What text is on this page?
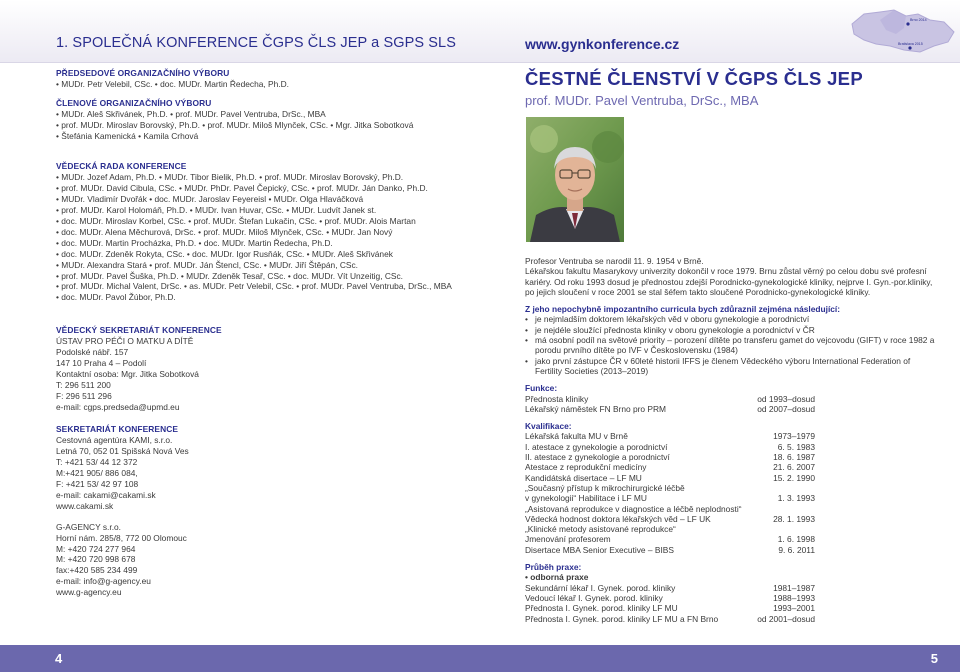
1. SPOLEČNÁ KONFERENCE ČGPS ČLS JEP a SGPS SLS	www.gynkonference.cz
Brno 2014
Bratislava 2015
PŘEDSEDOVÉ ORGANIZAČNÍHO VÝBORU
• MUDr. Petr Velebil, CSc. • doc. MUDr. Martin Ředecha, Ph.D.
ČLENOVÉ ORGANIZAČNÍHO VÝBORU
• MUDr. Aleš Skřivánek, Ph.D. • prof. MUDr. Pavel Ventruba, DrSc., MBA
• prof. MUDr. Miroslav Borovský, Ph.D. • prof. MUDr. Miloš Mlynček, CSc. • Mgr. Jitka Sobotková
• Štefánia Kamenická • Kamila Crhová
VĚDECKÁ RADA KONFERENCE
• MUDr. Jozef Adam, Ph.D. • MUDr. Tibor Bielik, Ph.D. • prof. MUDr. Miroslav Borovský, Ph.D.
• prof. MUDr. David Cibula, CSc. • MUDr. PhDr. Pavel Čepický, CSc. • prof. MUDr. Ján Danko, Ph.D.
• MUDr. Vladimír Dvořák • doc. MUDr. Jaroslav Feyereisl • MUDr. Olga Hlaváčková
• prof. MUDr. Karol Holomáň, Ph.D. • MUDr. Ivan Huvar, CSc. • MUDr. Ludvít Janek st.
• doc. MUDr. Miroslav Korbel, CSc. • prof. MUDr. Štefan Lukačin, CSc. • prof. MUDr. Alois Martan
• doc. MUDr. Alena Měchurová, DrSc. • prof. MUDr. Miloš Mlynček, CSc. • MUDr. Jan Nový
• doc. MUDr. Martin Procházka, Ph.D. • doc. MUDr. Martin Ředecha, Ph.D.
• doc. MUDr. Zdeněk Rokyta, CSc. • doc. MUDr. Igor Rusňák, CSc. • MUDr. Aleš Skřivánek
• MUDr. Alexandra Stará • prof. MUDr. Ján Štencl, CSc. • MUDr. Jiří Štěpán, CSc.
• prof. MUDr. Pavel Šuška, Ph.D. • MUDr. Zdeněk Tesař, CSc. • doc. MUDr. Vít Unzeitig, CSc.
• prof. MUDr. Michal Valent, DrSc. • as. MUDr. Petr Velebil, CSc. • prof. MUDr. Pavel Ventruba, DrSc., MBA
• doc. MUDr. Pavol Žúbor, Ph.D.
VĚDECKÝ SEKRETARIÁT KONFERENCE
ÚSTAV PRO PÉČI O MATKU A DÍTĚ
Podolské nábř. 157
147 10 Praha 4 – Podolí
Kontaktní osoba: Mgr. Jitka Sobotková
T: 296 511 200
F: 296 511 296
e-mail: cgps.predseda@upmd.eu
SEKRETARIÁT KONFERENCE
Cestovná agentúra KAMI, s.r.o.
Letná 70, 052 01 Spišská Nová Ves
T: +421 53/ 44 12 372
M:+421 905/ 886 084,
F: +421 53/ 42 97 108
e-mail: cakami@cakami.sk
www.cakami.sk
G-AGENCY s.r.o.
Horní nám. 285/8, 772 00 Olomouc
M: +420 724 277 964
M: +420 720 998 678
fax:+420 585 234 499
e-mail: info@g-agency.eu
www.g-agency.eu
ČESTNÉ ČLENSTVÍ V ČGPS ČLS JEP
prof. MUDr. Pavel Ventruba, DrSc., MBA
Profesor Ventruba se narodil 11. 9. 1954 v Brně.
Lékařskou fakultu Masarykovy univerzity dokončil v roce 1979. Brnu zůstal věrný po celou dobu své profesní
kariéry. Od roku 1993 dosud je přednostou zdejší Porodnicko-gynekologické kliniky, nejprve I. Gyn.-por.kliniky,
po jejich sloučení v roce 2001 se stal šéfem takto sloučené Porodnicko-gynekologické kliniky.
Z jeho nepochybně impozantního curricula bych zdůraznil zejména následující:
• je nejmladším doktorem lékařských věd v oboru gynekologie a porodnictví
• je nejdéle sloužící přednosta kliniky v oboru gynekologie a porodnictví v ČR
• má osobní podíl na světové priority – porození dítěte po transferu gamet do vejcovodu (GIFT) v roce 1982 a porodu prvního dítěte po IVF v Československu (1984)
• jako první zástupce ČR v 60leté historii IFFS je členem Vědeckého výboru International Federation of Fertility Societies (2013–2019)
Funkce:
Přednosta kliniky	od 1993–dosud
Lékařský náměstek FN Brno pro PRM	od 2007–dosud
Kvalifikace:
Lékařská fakulta MU v Brně	1973–1979
I. atestace z gynekologie a porodnictví	6. 5. 1983
II. atestace z gynekologie a porodnictví	18. 6. 1987
Atestace z reprodukční medicíny	21. 6. 2007
Kandidátská disertace – LF MU	15. 2. 1990
„Současný přístup k mikrochirurgické léčbě	
v gynekologii“ Habilitace i LF MU	1. 3. 1993
„Asistovaná reprodukce v diagnostice a léčbě neplodnosti“	
Vědecká hodnost doktora lékařských věd – LF UK	28. 1. 1993
„Klinické metody asistované reprodukce“	
Jmenování profesorem	1. 6. 1998
Disertace MBA Senior Executive – BIBS	9. 6. 2011
Průběh praxe:
• odborná praxe
Sekundární lékař I. Gynek. porod. kliniky	1981–1987
Vedoucí lékař I. Gynek. porod. kliniky	1988–1993
Přednosta I. Gynek. porod. kliniky LF MU	1993–2001
Přednosta I. Gynek. porod. kliniky LF MU a FN Brno	od 2001–dosud
4	5
